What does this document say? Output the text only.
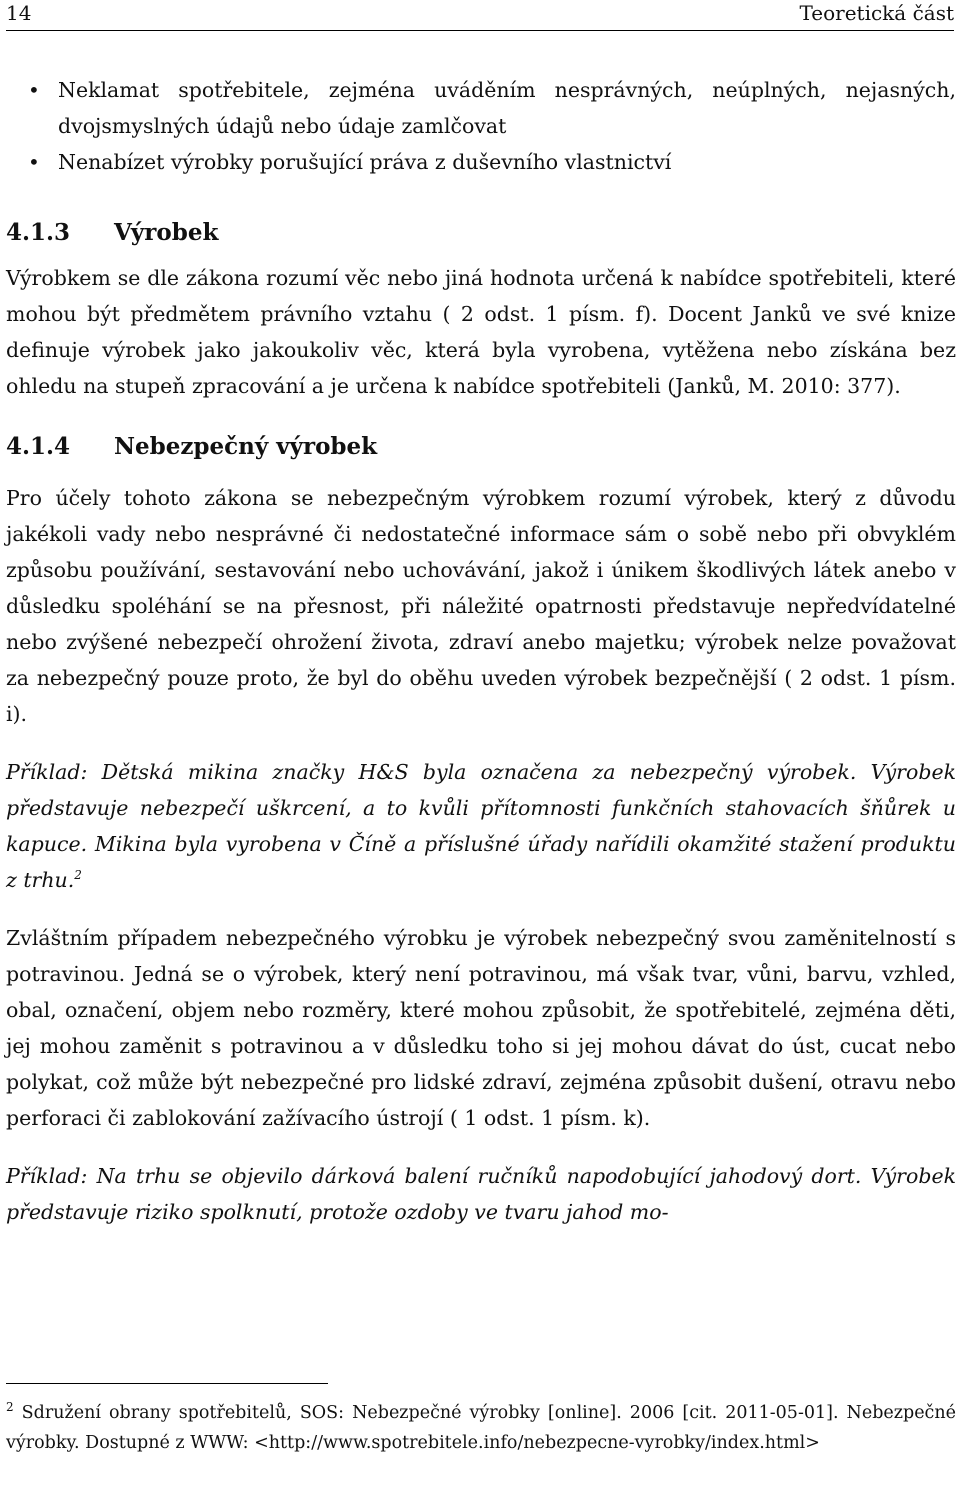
14	Teoretická část
• Neklamat spotřebitele, zejména uváděním nesprávných, neúplných, nejasných, dvojsmyslných údajů nebo údaje zamlčovat
• Nenabízet výrobky porušující práva z duševního vlastnictví
4.1.3	Výrobek

Výrobkem se dle zákona rozumí věc nebo jiná hodnota určená k nabídce spotřebiteli, které mohou být předmětem právního vztahu ( 2 odst. 1 písm. f). Docent Janků ve své knize definuje výrobek jako jakoukoliv věc, která byla vyrobena, vytěžena nebo získána bez ohledu na stupeň zpracování a je určena k nabídce spotřebiteli (Janků, M. 2010: 377).

4.1.4	Nebezpečný výrobek

Pro účely tohoto zákona se nebezpečným výrobkem rozumí výrobek, který z důvodu jakékoli vady nebo nesprávné či nedostatečné informace sám o sobě nebo při obvyklém způsobu používání, sestavování nebo uchovávání, jakož i únikem škodlivých látek anebo v důsledku spoléhání se na přesnost, při náležité opatrnosti představuje nepředvídatelné nebo zvýšené nebezpečí ohrožení života, zdraví anebo majetku; výrobek nelze považovat za nebezpečný pouze proto, že byl do oběhu uveden výrobek bezpečnější ( 2 odst. 1 písm. i).

Příklad: Dětská mikina značky H&S byla označena za nebezpečný výrobek. Výrobek představuje nebezpečí uškrcení, a to kvůli přítomnosti funkčních stahovacích šňůrek u kapuce. Mikina byla vyrobena v Číně a příslušné úřady nařídili okamžité stažení produktu z trhu.$^2$

Zvláštním případem nebezpečného výrobku je výrobek nebezpečný svou zaměnitelností s potravinou. Jedná se o výrobek, který není potravinou, má však tvar, vůni, barvu, vzhled, obal, označení, objem nebo rozměry, které mohou způsobit, že spotřebitelé, zejména děti, jej mohou zaměnit s potravinou a v důsledku toho si jej mohou dávat do úst, cucat nebo polykat, což může být nebezpečné pro lidské zdraví, zejména způsobit dušení, otravu nebo perforaci či zablokování zažívacího ústrojí ( 1 odst. 1 písm. k).

Příklad: Na trhu se objevilo dárková balení ručníků napodobující jahodový dort. Výrobek představuje riziko spolknutí, protože ozdoby ve tvaru jahod mo-

$^2$ Sdružení obrany spotřebitelů, SOS: Nebezpečné výrobky [online]. 2006 [cit. 2011-05-01]. Nebezpečné výrobky. Dostupné z WWW: <http://www.spotrebitele.info/nebezpecne-vyrobky/index.html>
